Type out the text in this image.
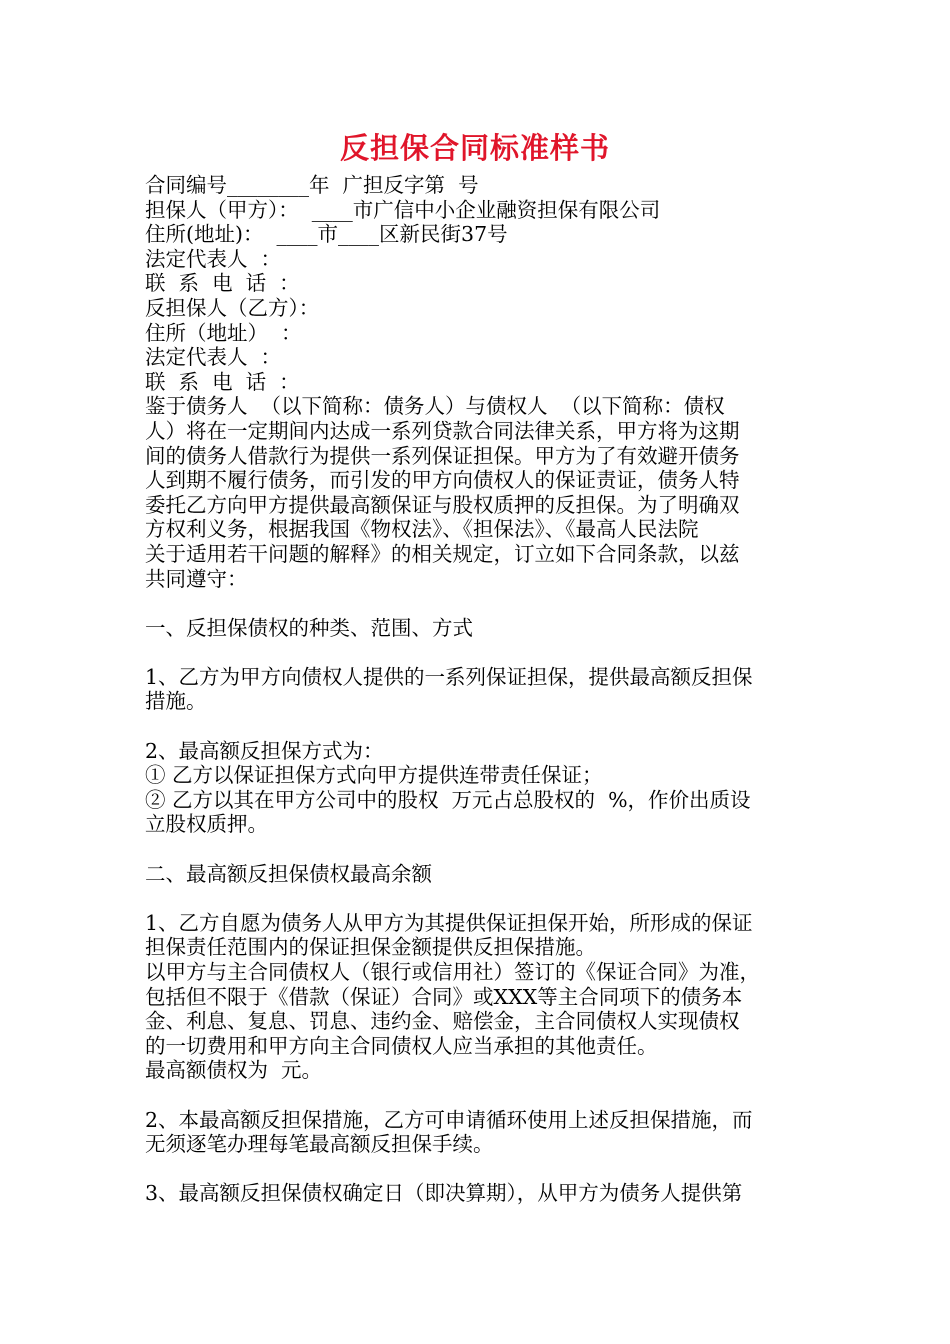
反担保合同标准样书
合同编号________年  广担反字第  号
担保人（甲方）：  ____市广信中小企业融资担保有限公司
住所(地址)：  ____市____区新民街37号
法定代表人  ：
联  系  电  话  ：
反担保人（乙方）：
住所（地址）  ：
法定代表人  ：
联  系  电  话  ：
鉴于债务人  （以下简称：债务人）与债权人  （以下简称：债权
人）将在一定期间内达成一系列贷款合同法律关系，甲方将为这期
间的债务人借款行为提供一系列保证担保。甲方为了有效避开债务
人到期不履行债务，而引发的甲方向债权人的保证责证，债务人特
委托乙方向甲方提供最高额保证与股权质押的反担保。为了明确双
方权利义务，根据我国《物权法》、《担保法》、《最高人民法院
关于适用若干问题的解释》的相关规定，订立如下合同条款，以兹
共同遵守：
一、反担保债权的种类、范围、方式
1、乙方为甲方向债权人提供的一系列保证担保，提供最高额反担保
措施。
2、最高额反担保方式为：
① 乙方以保证担保方式向甲方提供连带责任保证；
② 乙方以其在甲方公司中的股权  万元占总股权的  %，作价出质设
立股权质押。
二、最高额反担保债权最高余额
1、乙方自愿为债务人从甲方为其提供保证担保开始，所形成的保证
担保责任范围内的保证担保金额提供反担保措施。
以甲方与主合同债权人（银行或信用社）签订的《保证合同》为准，
包括但不限于《借款（保证）合同》或XXX等主合同项下的债务本
金、利息、复息、罚息、违约金、赔偿金，主合同债权人实现债权
的一切费用和甲方向主合同债权人应当承担的其他责任。
最高额债权为  元。
2、本最高额反担保措施，乙方可申请循环使用上述反担保措施，而
无须逐笔办理每笔最高额反担保手续。
3、最高额反担保债权确定日（即决算期），从甲方为债务人提供第
